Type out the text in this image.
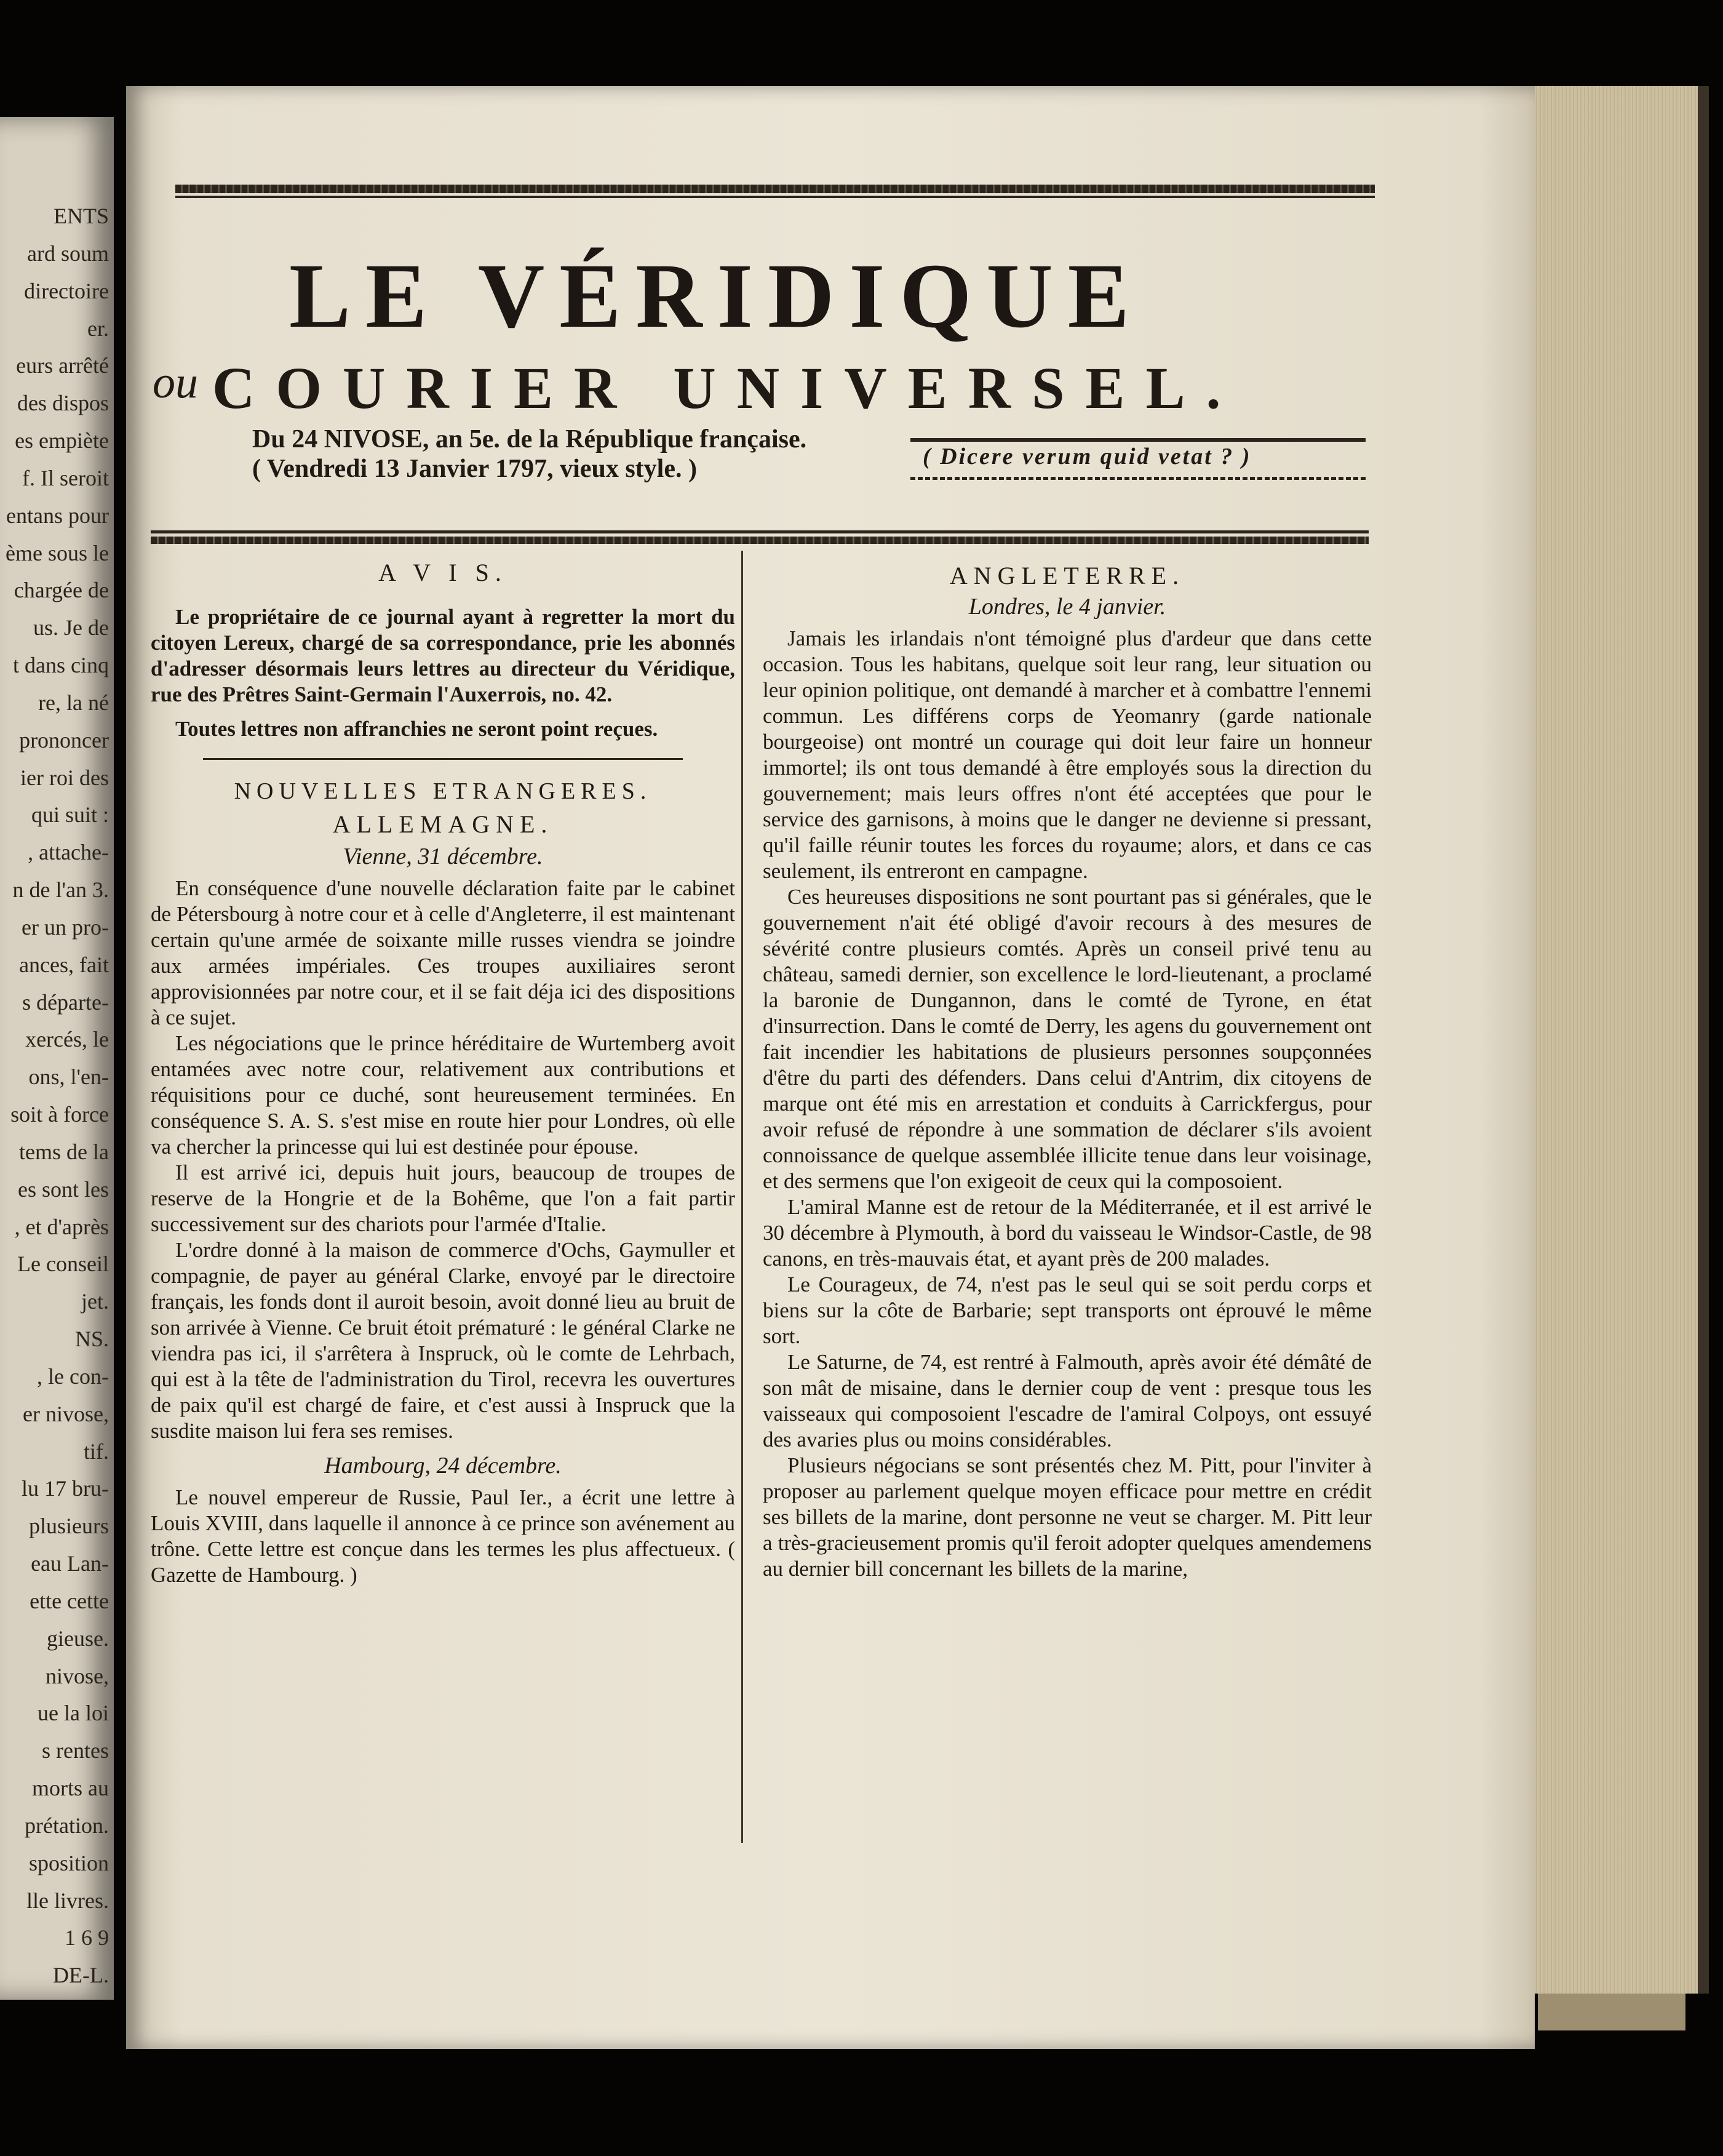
ENTS
ard soum
directoire
er.
eurs arrêté
des dispos
es empiète
f. Il seroit
entans pour
ème sous le
chargée de
us. Je de
t dans cinq
re, la né
prononcer
ier roi des
qui suit :
, attache-
n de l'an 3.
er un pro-
ances, fait
s départe-
xercés, le
ons, l'en-
soit à force
tems de la
es sont les
, et d'après
Le conseil
jet.
NS.
, le con-
er nivose,
tif.
lu 17 bru-
plusieurs
eau Lan-
ette cette
gieuse.
nivose,
ue la loi
s rentes
morts au
prétation.
sposition
lle livres.
1 6 9
DE-L.
LE VÉRIDIQUE
ou COURIER UNIVERSEL.
Du 24 NIVOSE, an 5e. de la République française.
( Vendredi 13 Janvier 1797, vieux style. )	( Dicere verum quid vetat ? )

A V I S.

Le propriétaire de ce journal ayant à regretter la mort du citoyen Lereux, chargé de sa correspondance, prie les abonnés d'adresser désormais leurs lettres au directeur du Véridique, rue des Prêtres Saint-Germain l'Auxerrois, no. 42.

Toutes lettres non affranchies ne seront point reçues.

NOUVELLES ETRANGERES.

ALLEMAGNE.

Vienne, 31 décembre.

En conséquence d'une nouvelle déclaration faite par le cabinet de Pétersbourg à notre cour et à celle d'Angleterre, il est maintenant certain qu'une armée de soixante mille russes viendra se joindre aux armées impériales. Ces troupes auxiliaires seront approvisionnées par notre cour, et il se fait déja ici des dispositions à ce sujet.

Les négociations que le prince héréditaire de Wurtemberg avoit entamées avec notre cour, relativement aux contributions et réquisitions pour ce duché, sont heureusement terminées. En conséquence S. A. S. s'est mise en route hier pour Londres, où elle va chercher la princesse qui lui est destinée pour épouse.

Il est arrivé ici, depuis huit jours, beaucoup de troupes de reserve de la Hongrie et de la Bohême, que l'on a fait partir successivement sur des chariots pour l'armée d'Italie.

L'ordre donné à la maison de commerce d'Ochs, Gaymuller et compagnie, de payer au général Clarke, envoyé par le directoire français, les fonds dont il auroit besoin, avoit donné lieu au bruit de son arrivée à Vienne. Ce bruit étoit prématuré : le général Clarke ne viendra pas ici, il s'arrêtera à Inspruck, où le comte de Lehrbach, qui est à la tête de l'administration du Tirol, recevra les ouvertures de paix qu'il est chargé de faire, et c'est aussi à Inspruck que la susdite maison lui fera ses remises.

Hambourg, 24 décembre.

Le nouvel empereur de Russie, Paul Ier., a écrit une lettre à Louis XVIII, dans laquelle il annonce à ce prince son avénement au trône. Cette lettre est conçue dans les termes les plus affectueux. ( Gazette de Hambourg. )

ANGLETERRE.

Londres, le 4 janvier.

Jamais les irlandais n'ont témoigné plus d'ardeur que dans cette occasion. Tous les habitans, quelque soit leur rang, leur situation ou leur opinion politique, ont demandé à marcher et à combattre l'ennemi commun. Les différens corps de Yeomanry (garde nationale bourgeoise) ont montré un courage qui doit leur faire un honneur immortel; ils ont tous demandé à être employés sous la direction du gouvernement; mais leurs offres n'ont été acceptées que pour le service des garnisons, à moins que le danger ne devienne si pressant, qu'il faille réunir toutes les forces du royaume; alors, et dans ce cas seulement, ils entreront en campagne.

Ces heureuses dispositions ne sont pourtant pas si générales, que le gouvernement n'ait été obligé d'avoir recours à des mesures de sévérité contre plusieurs comtés. Après un conseil privé tenu au château, samedi dernier, son excellence le lord-lieutenant, a proclamé la baronie de Dungannon, dans le comté de Tyrone, en état d'insurrection. Dans le comté de Derry, les agens du gouvernement ont fait incendier les habitations de plusieurs personnes soupçonnées d'être du parti des défenders. Dans celui d'Antrim, dix citoyens de marque ont été mis en arrestation et conduits à Carrickfergus, pour avoir refusé de répondre à une sommation de déclarer s'ils avoient connoissance de quelque assemblée illicite tenue dans leur voisinage, et des sermens que l'on exigeoit de ceux qui la composoient.

L'amiral Manne est de retour de la Méditerranée, et il est arrivé le 30 décembre à Plymouth, à bord du vaisseau le Windsor-Castle, de 98 canons, en très-mauvais état, et ayant près de 200 malades.

Le Courageux, de 74, n'est pas le seul qui se soit perdu corps et biens sur la côte de Barbarie; sept transports ont éprouvé le même sort.

Le Saturne, de 74, est rentré à Falmouth, après avoir été démâté de son mât de misaine, dans le dernier coup de vent : presque tous les vaisseaux qui composoient l'escadre de l'amiral Colpoys, ont essuyé des avaries plus ou moins considérables.

Plusieurs négocians se sont présentés chez M. Pitt, pour l'inviter à proposer au parlement quelque moyen efficace pour mettre en crédit ses billets de la marine, dont personne ne veut se charger. M. Pitt leur a très-gracieusement promis qu'il feroit adopter quelques amendemens au dernier bill concernant les billets de la marine,
